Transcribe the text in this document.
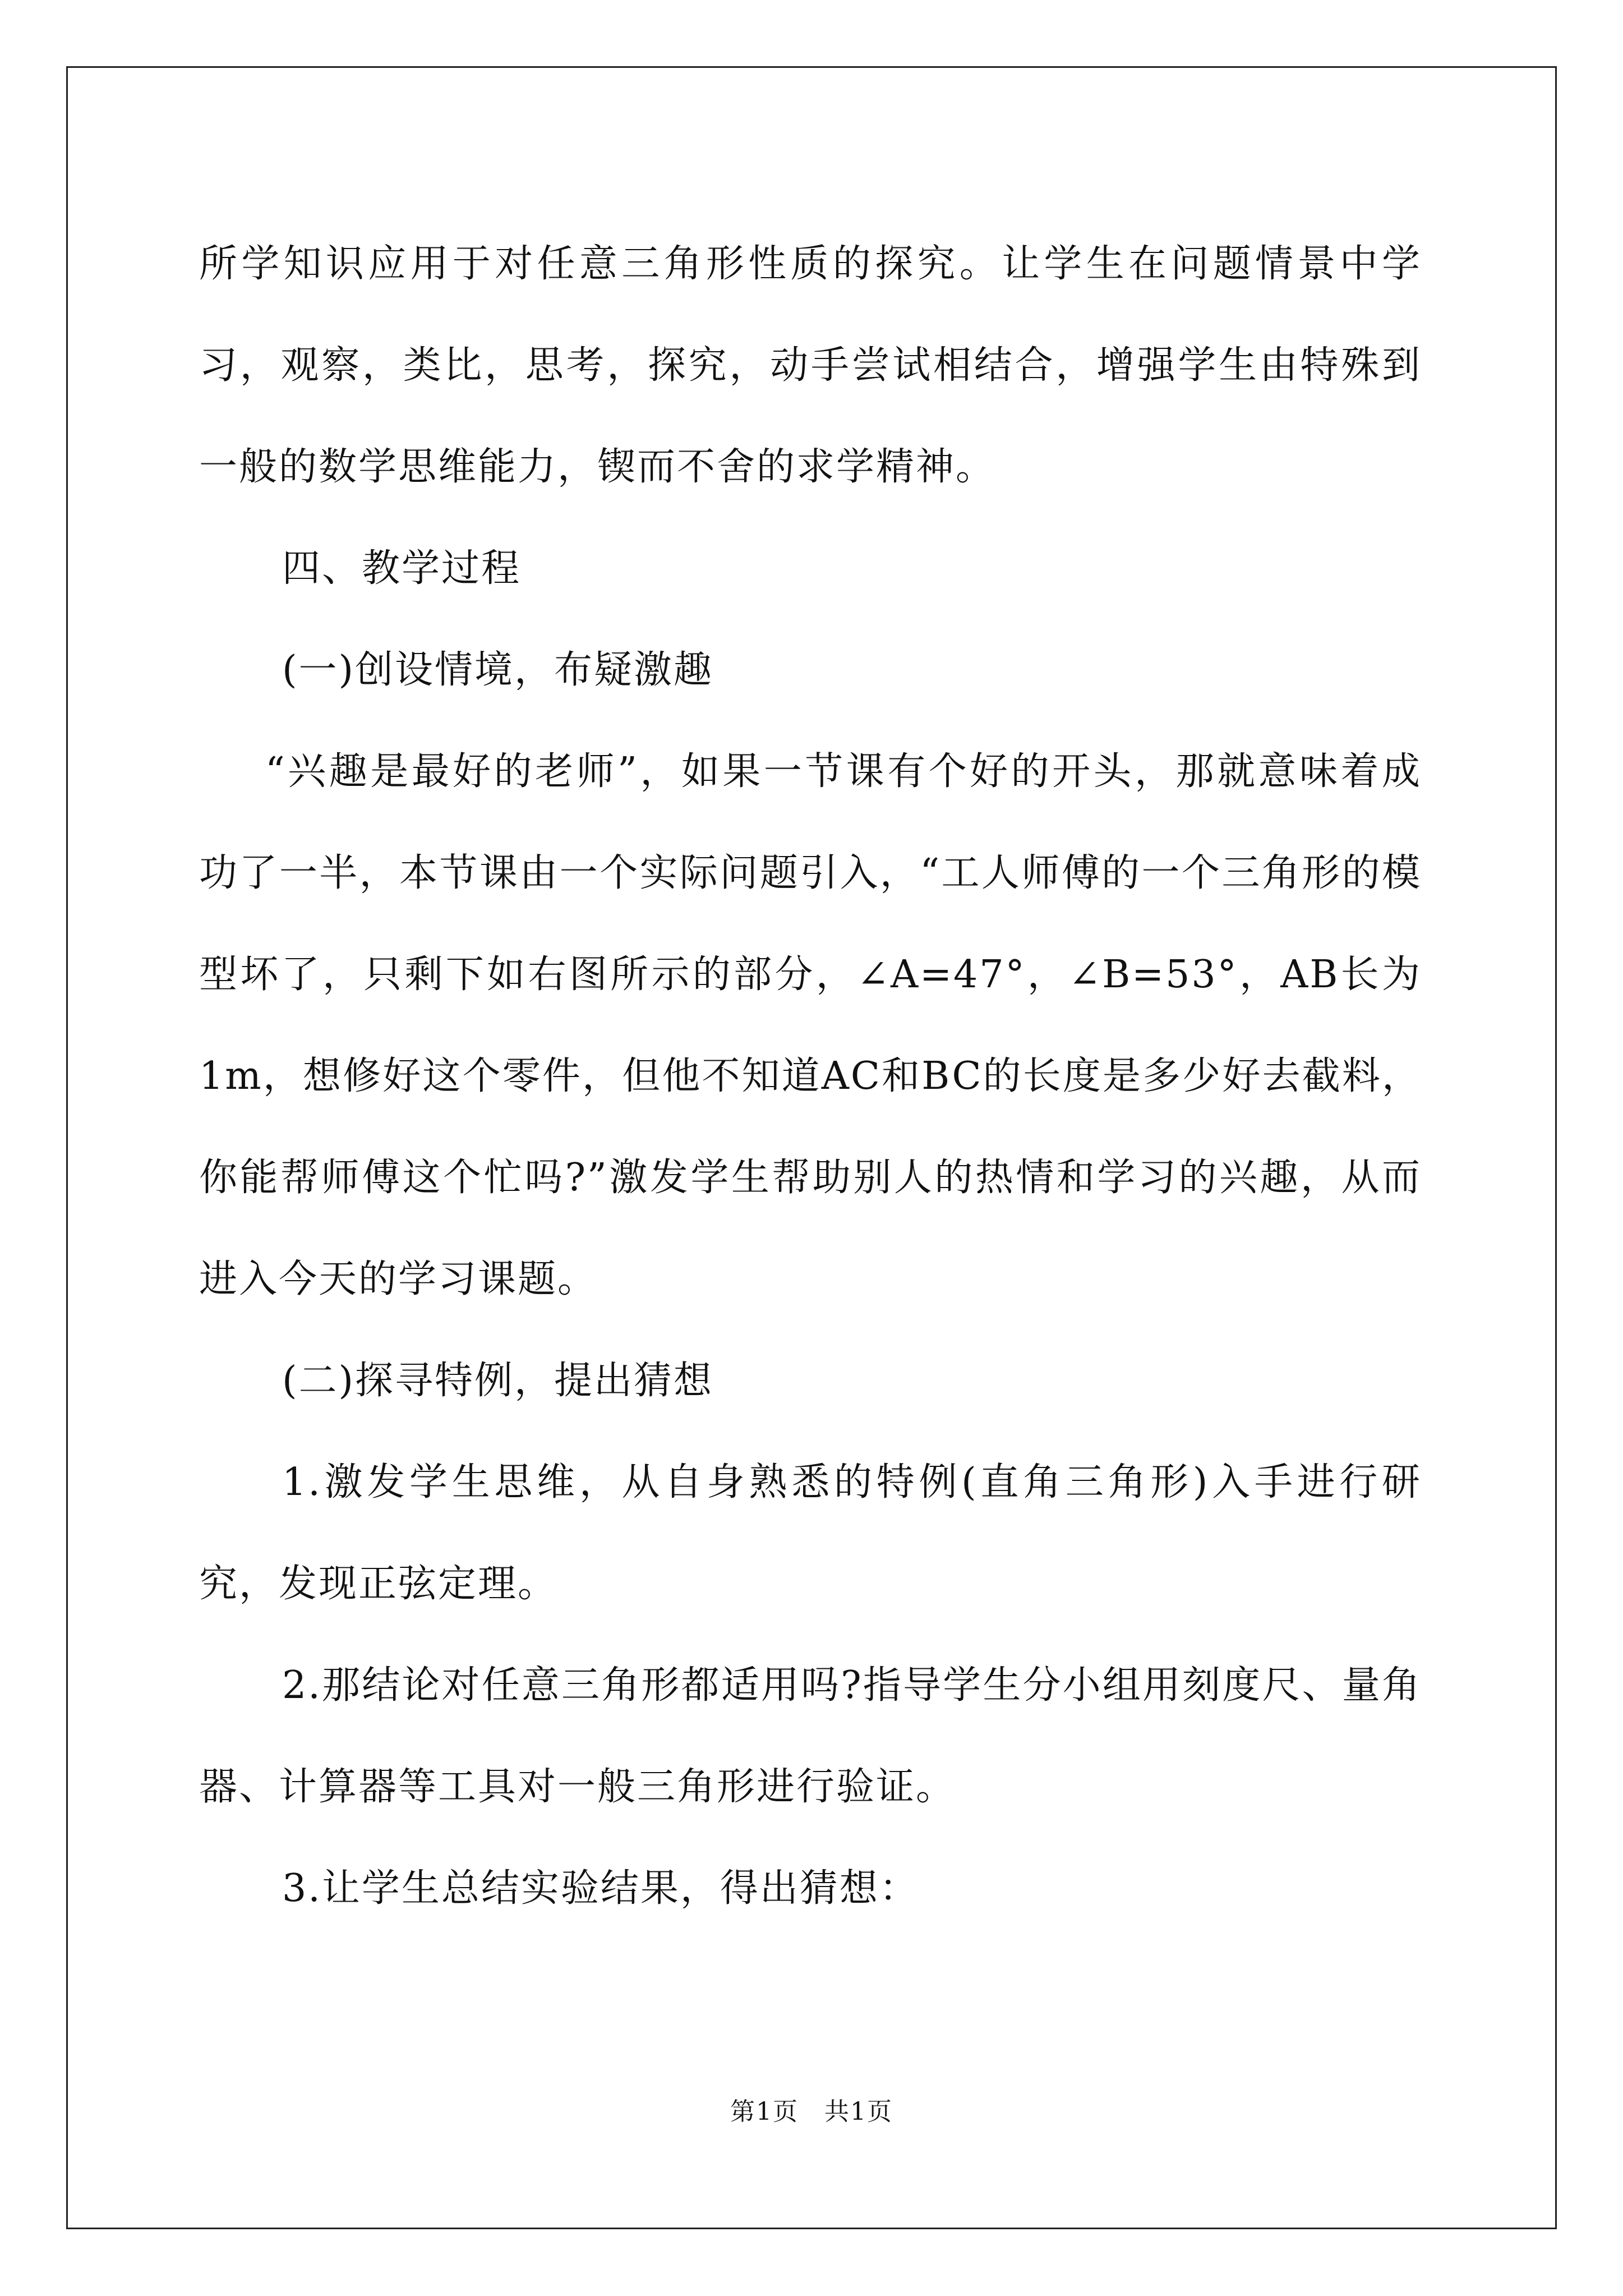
所学知识应用于对任意三角形性质的探究。让学生在问题情景中学习，观察，类比，思考，探究，动手尝试相结合，增强学生由特殊到一般的数学思维能力，锲而不舍的求学精神。

四、教学过程

(一)创设情境，布疑激趣

“兴趣是最好的老师”，如果一节课有个好的开头，那就意味着成功了一半，本节课由一个实际问题引入，“工人师傅的一个三角形的模型坏了，只剩下如右图所示的部分，∠A=47°，∠B=53°，AB长为1m，想修好这个零件，但他不知道AC和BC的长度是多少好去截料，你能帮师傅这个忙吗?”激发学生帮助别人的热情和学习的兴趣，从而进入今天的学习课题。

(二)探寻特例，提出猜想

1.激发学生思维，从自身熟悉的特例(直角三角形)入手进行研究，发现正弦定理。

2.那结论对任意三角形都适用吗?指导学生分小组用刻度尺、量角器、计算器等工具对一般三角形进行验证。

3.让学生总结实验结果，得出猜想：

第1页　共1页
